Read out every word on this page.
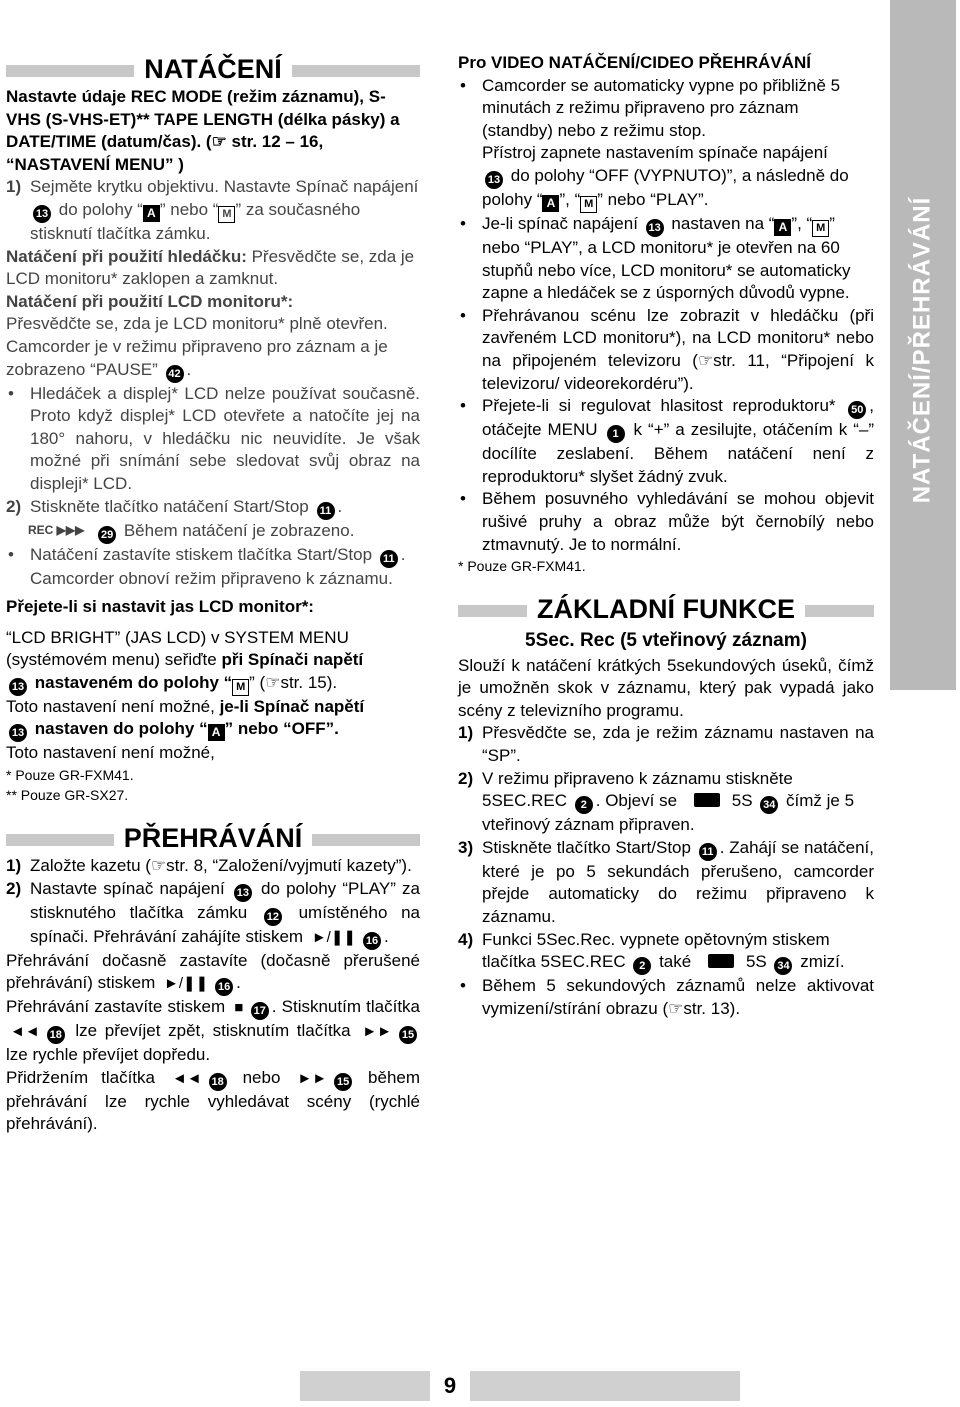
NATÁČENÍ

Nastavte údaje REC MODE (režim záznamu), S-VHS (S-VHS-ET)** TAPE LENGTH (délka pásky) a DATE/TIME (datum/čas). (☞ str. 12 – 16, “NASTAVENÍ MENU” )

1) Sejměte krytku objektivu. Nastavte Spínač napájení 13 do polohy “ A ” nebo “ M ” za současného stisknutí tlačítka zámku.

Natáčení při použití hledáčku: Přesvědčte se, zda je LCD monitoru* zaklopen a zamknut.

Natáčení při použití LCD monitoru*:
Přesvědčte se, zda je LCD monitoru* plně otevřen.

Camcorder je v režimu připraveno pro záznam a je zobrazeno “PAUSE” 42 .

• Hledáček a displej* LCD nelze používat současně. Proto když displej* LCD otevřete a natočíte jej na 180° nahoru, v hledáčku nic neuvidíte. Je však možné při snímání sebe sledovat svůj obraz na displeji* LCD.

2) Stiskněte tlačítko natáčení Start/Stop 11 .

REC ▶▶▶ 29 Během natáčení je zobrazeno.

• Natáčení zastavíte stiskem tlačítka Start/Stop 11 . Camcorder obnoví režim připraveno k záznamu.

Přejete-li si nastavit jas LCD monitor*:

“LCD BRIGHT” (JAS LCD) v SYSTEM MENU (systémovém menu) seřiďte při Spínači napětí
13 nastaveném do polohy “ M ” (☞str. 15).
Toto nastavení není možné, je-li Spínač napětí
13 nastaven do polohy “ A ” nebo “OFF”.
Toto nastavení není možné,

* Pouze GR-FXM41.

** Pouze GR-SX27.

PŘEHRÁVÁNÍ

1) Založte kazetu (☞str. 8, “Založení/vyjmutí kazety”).

2) Nastavte spínač napájení 13 do polohy “PLAY” za stisknutého tlačítka zámku 12 umístěného na spínači. Přehrávání zahájíte stiskem ►/❚❚ 16 .

Přehrávání dočasně zastavíte (dočasně přerušené přehrávání) stiskem ►/❚❚ 16 .

Přehrávání zastavíte stiskem ■ 17 . Stisknutím tlačítka ◄◄ 18 lze převíjet zpět, stisknutím tlačítka ►► 15 lze rychle převíjet dopředu.

Přidržením tlačítka ◄◄ 18 nebo ►► 15 během přehrávání lze rychle vyhledávat scény (rychlé přehrávání).

Pro VIDEO NATÁČENÍ/CIDEO PŘEHRÁVÁNÍ

• Camcorder se automaticky vypne po přibližně 5 minutách z režimu připraveno pro záznam (standby) nebo z režimu stop.
Přístroj zapnete nastavením spínače napájení
13 do polohy “OFF (VYPNUTO)”, a následně do polohy “ A ”, “ M ” nebo “PLAY”.

• Je-li spínač napájení 13 nastaven na “ A ”, “ M ” nebo “PLAY”, a LCD monitoru* je otevřen na 60 stupňů nebo více, LCD monitoru* se automaticky zapne a hledáček se z úsporných důvodů vypne.

• Přehrávanou scénu lze zobrazit v hledáčku (při zavřeném LCD monitoru*), na LCD monitoru* nebo na připojeném televizoru (☞str. 11, “Připojení k televizoru/ videorekordéru”).

• Přejete-li si regulovat hlasitost reproduktoru* 50 , otáčejte MENU 1 k “+” a zesilujte, otáčením k “–” docílíte zeslabení. Během natáčení není z reproduktoru* slyšet žádný zvuk.

• Během posuvného vyhledávání se mohou objevit rušivé pruhy a obraz může být černobílý nebo ztmavnutý. Je to normální.

* Pouze GR-FXM41.

ZÁKLADNÍ FUNKCE

5Sec. Rec (5 vteřinový záznam)

Slouží k natáčení krátkých 5sekundových úseků, čímž je umožněn skok v záznamu, který pak vypadá jako scény z televizního programu.

1) Přesvědčte se, zda je režim záznamu nastaven na “SP”.

2) V režimu připraveno k záznamu stiskněte
5SEC.REC 2 . Objeví se	5S 34 čímž je 5 vteřinový záznam připraven.

3) Stiskněte tlačítko Start/Stop 11 . Zahájí se natáčení, které je po 5 sekundách přerušeno, camcorder přejde automaticky do režimu připraveno k záznamu.

4) Funkci 5Sec.Rec. vypnete opětovným stiskem tlačítka 5SEC.REC 2 také	5S 34 zmizí.

• Během 5 sekundových záznamů nelze aktivovat vymizení/stírání obrazu (☞str. 13).

NATÁČENÍ/PŘEHRÁVÁNÍ
9
